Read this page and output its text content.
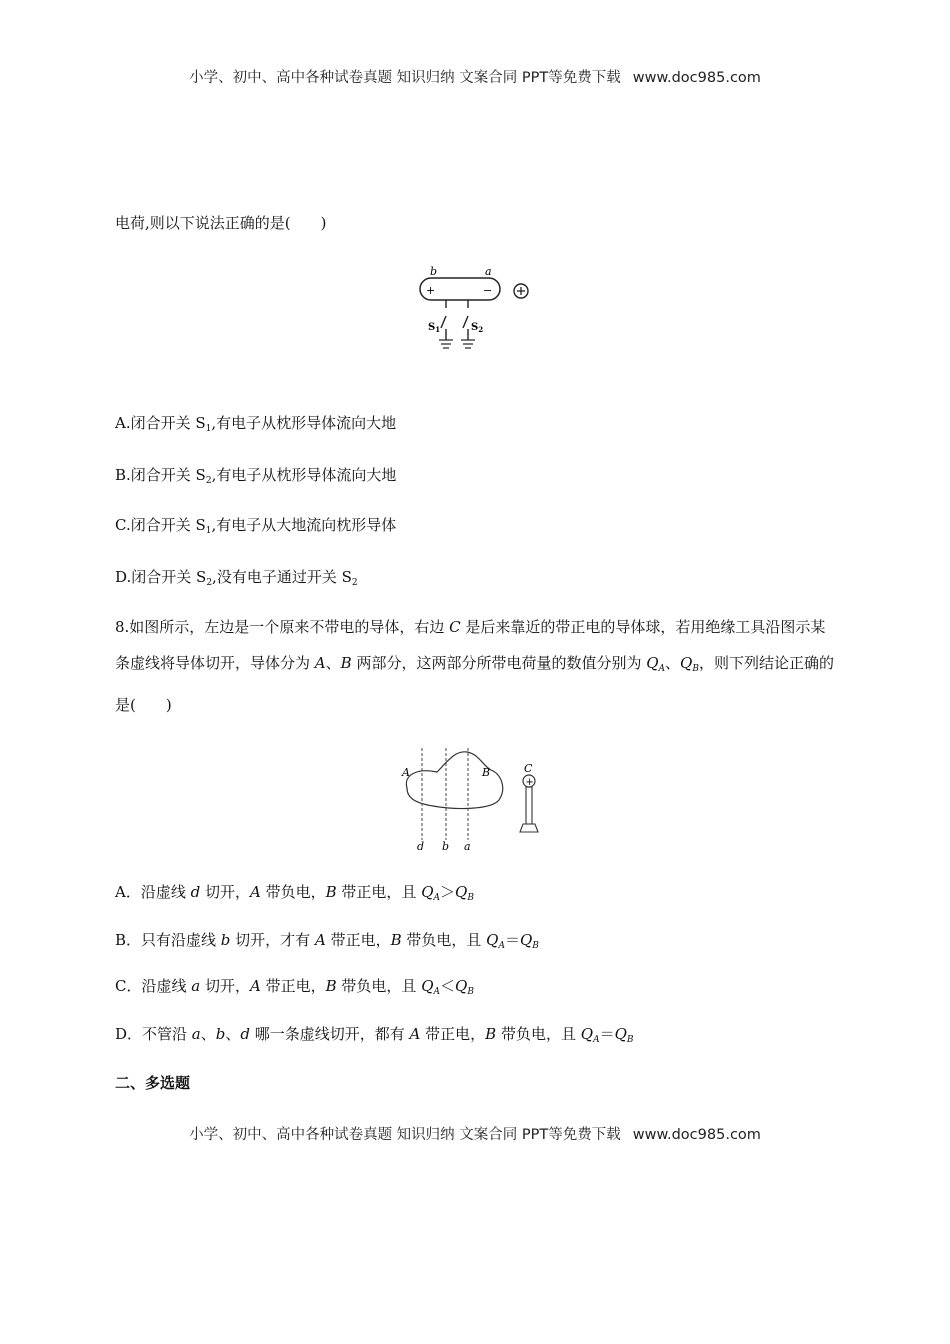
小学、初中、高中各种试卷真题 知识归纳 文案合同 PPT等免费下载 www.doc985.com
电荷,则以下说法正确的是(　　)
b	a
+	−
$S_1$	$S_2$
A.闭合开关 $S_1$,有电子从枕形导体流向大地
B.闭合开关 $S_2$,有电子从枕形导体流向大地
C.闭合开关 $S_1$,有电子从大地流向枕形导体
D.闭合开关 $S_2$,没有电子通过开关 $S_2$
8.如图所示，左边是一个原来不带电的导体，右边 C 是后来靠近的带正电的导体球，若用绝缘工具沿图示某条虚线将导体切开，导体分为 A、B 两部分，这两部分所带电荷量的数值分别为 $Q_A$、$Q_B$，则下列结论正确的是(　　)
A	B
d b a
C
+
A．沿虚线 d 切开，A 带负电，B 带正电，且 $Q_A>Q_B$
B．只有沿虚线 b 切开，才有 A 带正电，B 带负电，且 $Q_A=Q_B$
C．沿虚线 a 切开，A 带正电，B 带负电，且 $Q_A<Q_B$
D．不管沿 a、b、d 哪一条虚线切开，都有 A 带正电，B 带负电，且 $Q_A=Q_B$
二、多选题
小学、初中、高中各种试卷真题 知识归纳 文案合同 PPT等免费下载 www.doc985.com
